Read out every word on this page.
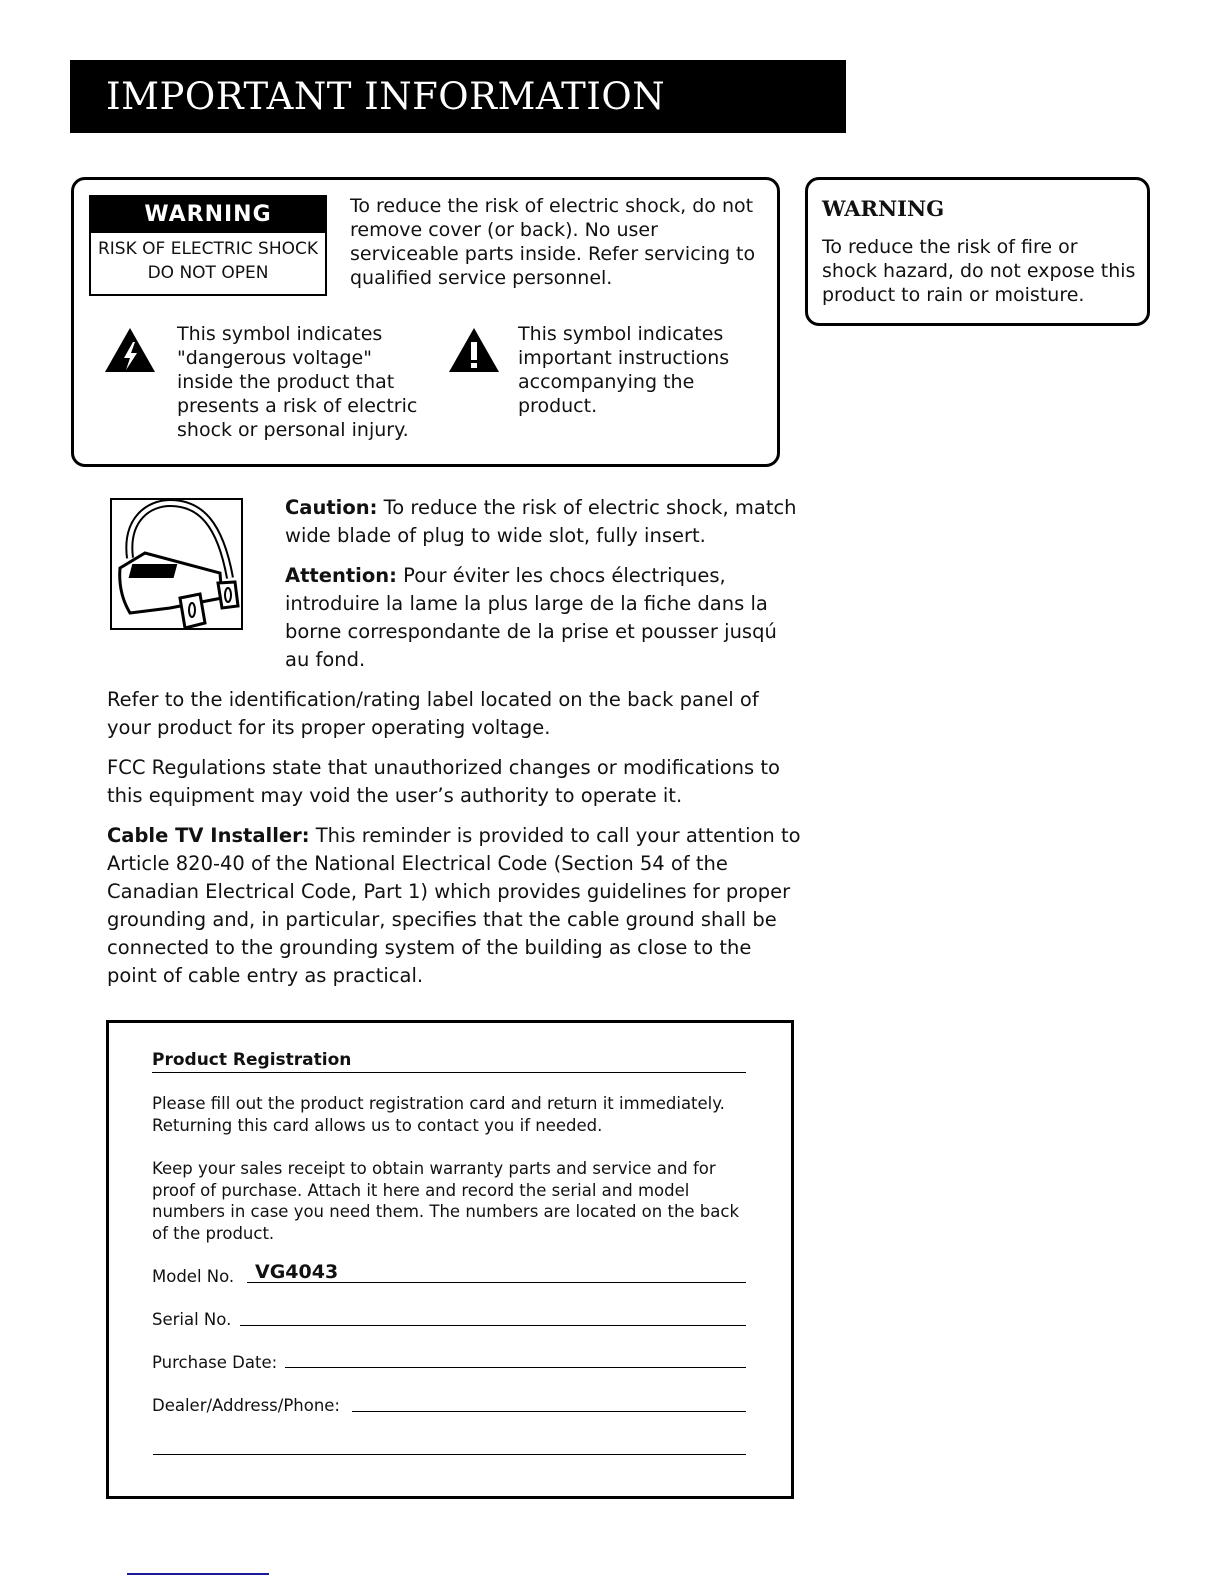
IMPORTANT INFORMATION
WARNING
RISK OF ELECTRIC SHOCK
DO NOT OPEN
To reduce the risk of electric shock, do not remove cover (or back). No user serviceable parts inside. Refer servicing to qualified service personnel.
This symbol indicates "dangerous voltage" inside the product that presents a risk of electric shock or personal injury.
This symbol indicates important instructions accompanying the product.
WARNING
To reduce the risk of fire or shock hazard, do not expose this product to rain or moisture.
Caution: To reduce the risk of electric shock, match wide blade of plug to wide slot, fully insert.
Attention: Pour éviter les chocs électriques, introduire la lame la plus large de la fiche dans la borne correspondante de la prise et pousser jusqú au fond.
Refer to the identification/rating label located on the back panel of your product for its proper operating voltage.
FCC Regulations state that unauthorized changes or modifications to this equipment may void the user’s authority to operate it.
Cable TV Installer: This reminder is provided to call your attention to Article 820-40 of the National Electrical Code (Section 54 of the Canadian Electrical Code, Part 1) which provides guidelines for proper grounding and, in particular, specifies that the cable ground shall be connected to the grounding system of the building as close to the point of cable entry as practical.
Product Registration
Please fill out the product registration card and return it immediately. Returning this card allows us to contact you if needed.
Keep your sales receipt to obtain warranty parts and service and for proof of purchase. Attach it here and record the serial and model numbers in case you need them. The numbers are located on the back of the product.
Model No. VG4043
Serial No.
Purchase Date:
Dealer/Address/Phone:
